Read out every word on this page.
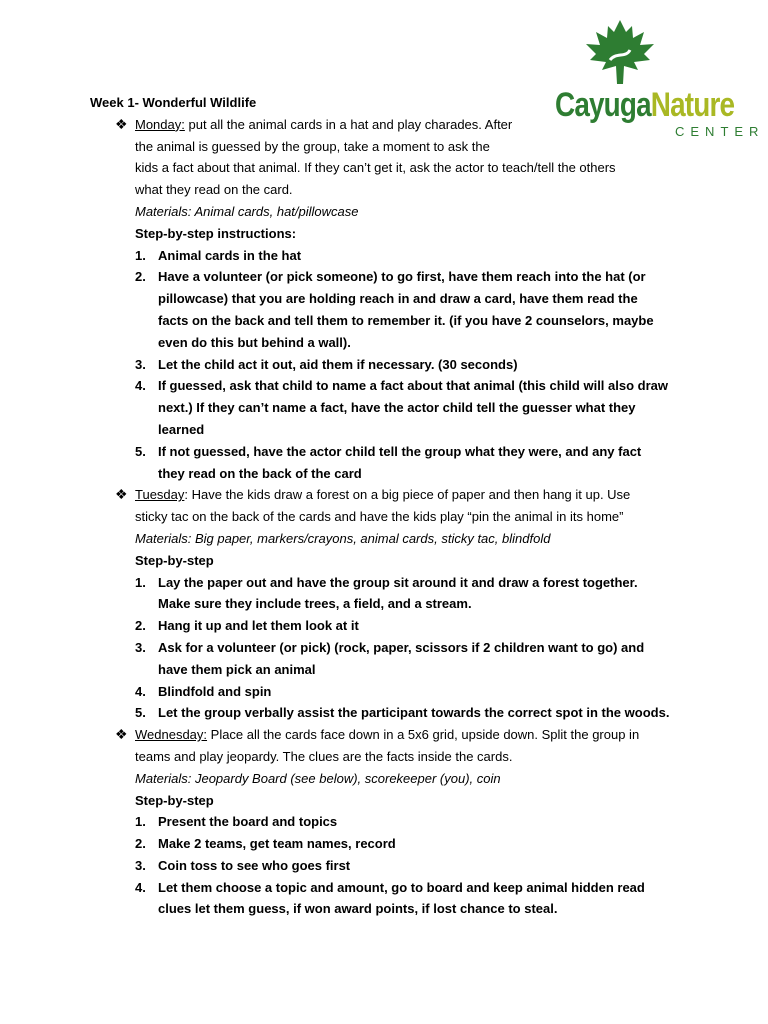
CayugaNature
CENTER
Week 1- Wonderful Wildlife
❖ Monday: put all the animal cards in a hat and play charades. After
the animal is guessed by the group, take a moment to ask the
kids a fact about that animal. If they can’t get it, ask the actor to teach/tell the others
what they read on the card.
Materials: Animal cards, hat/pillowcase
Step-by-step instructions:
1. Animal cards in the hat
2. Have a volunteer (or pick someone) to go first, have them reach into the hat (or
pillowcase) that you are holding reach in and draw a card, have them read the
facts on the back and tell them to remember it. (if you have 2 counselors, maybe
even do this but behind a wall).
3. Let the child act it out, aid them if necessary. (30 seconds)
4. If guessed, ask that child to name a fact about that animal (this child will also draw
next.) If they can’t name a fact, have the actor child tell the guesser what they
learned
5. If not guessed, have the actor child tell the group what they were, and any fact
they read on the back of the card
❖ Tuesday: Have the kids draw a forest on a big piece of paper and then hang it up. Use
sticky tac on the back of the cards and have the kids play “pin the animal in its home”
Materials: Big paper, markers/crayons, animal cards, sticky tac, blindfold
Step-by-step
1. Lay the paper out and have the group sit around it and draw a forest together.
Make sure they include trees, a field, and a stream.
2. Hang it up and let them look at it
3. Ask for a volunteer (or pick) (rock, paper, scissors if 2 children want to go) and
have them pick an animal
4. Blindfold and spin
5. Let the group verbally assist the participant towards the correct spot in the woods.
❖ Wednesday: Place all the cards face down in a 5x6 grid, upside down. Split the group in
teams and play jeopardy. The clues are the facts inside the cards.
Materials: Jeopardy Board (see below), scorekeeper (you), coin
Step-by-step
1. Present the board and topics
2. Make 2 teams, get team names, record
3. Coin toss to see who goes first
4. Let them choose a topic and amount, go to board and keep animal hidden read
clues let them guess, if won award points, if lost chance to steal.
